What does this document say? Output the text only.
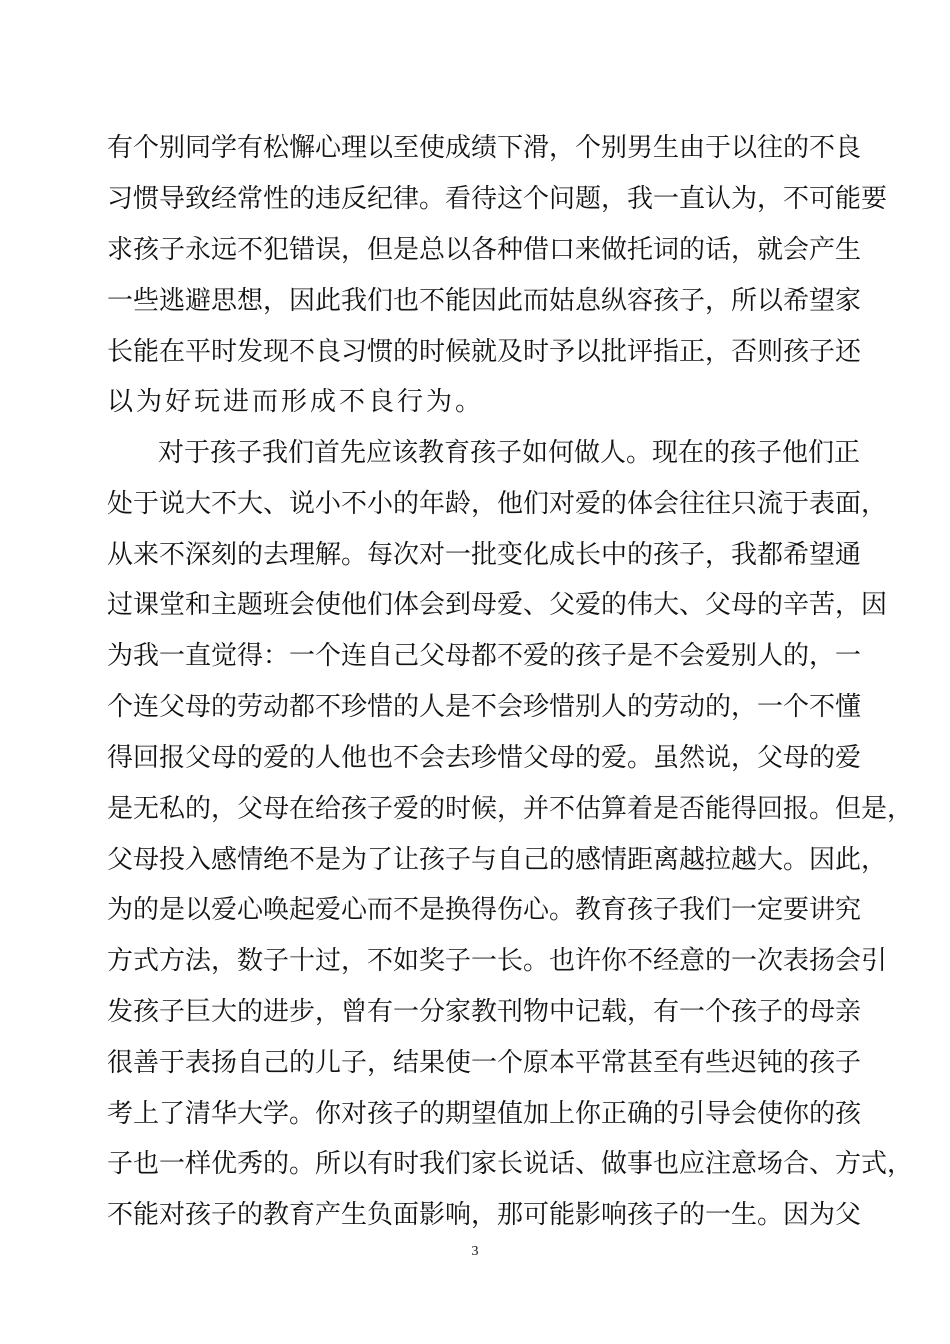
有个别同学有松懈心理以至使成绩下滑，个别男生由于以往的不良
习惯导致经常性的违反纪律。看待这个问题，我一直认为，不可能要
求孩子永远不犯错误，但是总以各种借口来做托词的话，就会产生
一些逃避思想，因此我们也不能因此而姑息纵容孩子，所以希望家
长能在平时发现不良习惯的时候就及时予以批评指正，否则孩子还
以为好玩进而形成不良行为。
对于孩子我们首先应该教育孩子如何做人。现在的孩子他们正
处于说大不大、说小不小的年龄，他们对爱的体会往往只流于表面，
从来不深刻的去理解。每次对一批变化成长中的孩子，我都希望通
过课堂和主题班会使他们体会到母爱、父爱的伟大、父母的辛苦，因
为我一直觉得：一个连自己父母都不爱的孩子是不会爱别人的，一
个连父母的劳动都不珍惜的人是不会珍惜别人的劳动的，一个不懂
得回报父母的爱的人他也不会去珍惜父母的爱。虽然说，父母的爱
是无私的，父母在给孩子爱的时候，并不估算着是否能得回报。但是，
父母投入感情绝不是为了让孩子与自己的感情距离越拉越大。因此，
为的是以爱心唤起爱心而不是换得伤心。教育孩子我们一定要讲究
方式方法，数子十过，不如奖子一长。也许你不经意的一次表扬会引
发孩子巨大的进步，曾有一分家教刊物中记载，有一个孩子的母亲
很善于表扬自己的儿子，结果使一个原本平常甚至有些迟钝的孩子
考上了清华大学。你对孩子的期望值加上你正确的引导会使你的孩
子也一样优秀的。所以有时我们家长说话、做事也应注意场合、方式，
不能对孩子的教育产生负面影响，那可能影响孩子的一生。因为父
3
